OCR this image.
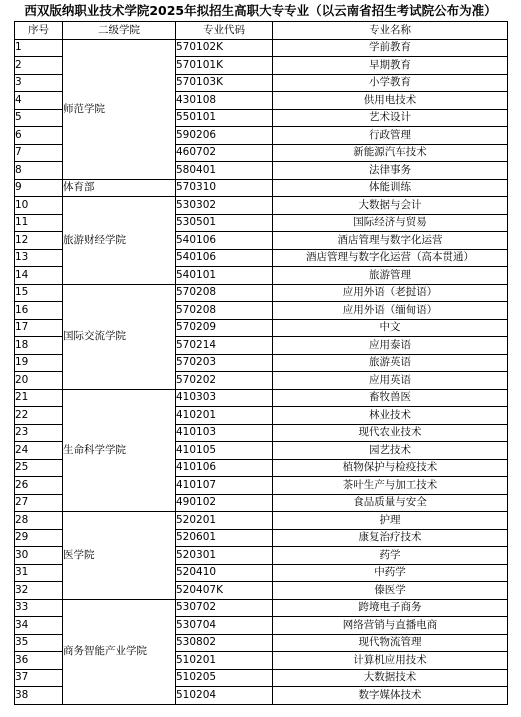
西双版纳职业技术学院2025年拟招生高职大专专业（以云南省招生考试院公布为准）
序号	二级学院	专业代码	专业名称
1	师范学院	570102K	学前教育
2		570101K	早期教育
3		570103K	小学教育
4		430108	供用电技术
5		550101	艺术设计
6		590206	行政管理
7		460702	新能源汽车技术
8		580401	法律事务
9	体育部	570310	体能训练
10	旅游财经学院	530302	大数据与会计
11		530501	国际经济与贸易
12		540106	酒店管理与数字化运营
13		540106	酒店管理与数字化运营（高本贯通）
14		540101	旅游管理
15	国际交流学院	570208	应用外语（老挝语）
16		570208	应用外语（缅甸语）
17		570209	中文
18		570214	应用泰语
19		570203	旅游英语
20		570202	应用英语
21	生命科学学院	410303	畜牧兽医
22		410201	林业技术
23		410103	现代农业技术
24		410105	园艺技术
25		410106	植物保护与检疫技术
26		410107	茶叶生产与加工技术
27		490102	食品质量与安全
28	医学院	520201	护理
29		520601	康复治疗技术
30		520301	药学
31		520410	中药学
32		520407K	傣医学
33	商务智能产业学院	530702	跨境电子商务
34		530704	网络营销与直播电商
35		530802	现代物流管理
36		510201	计算机应用技术
37		510205	大数据技术
38		510204	数字媒体技术
